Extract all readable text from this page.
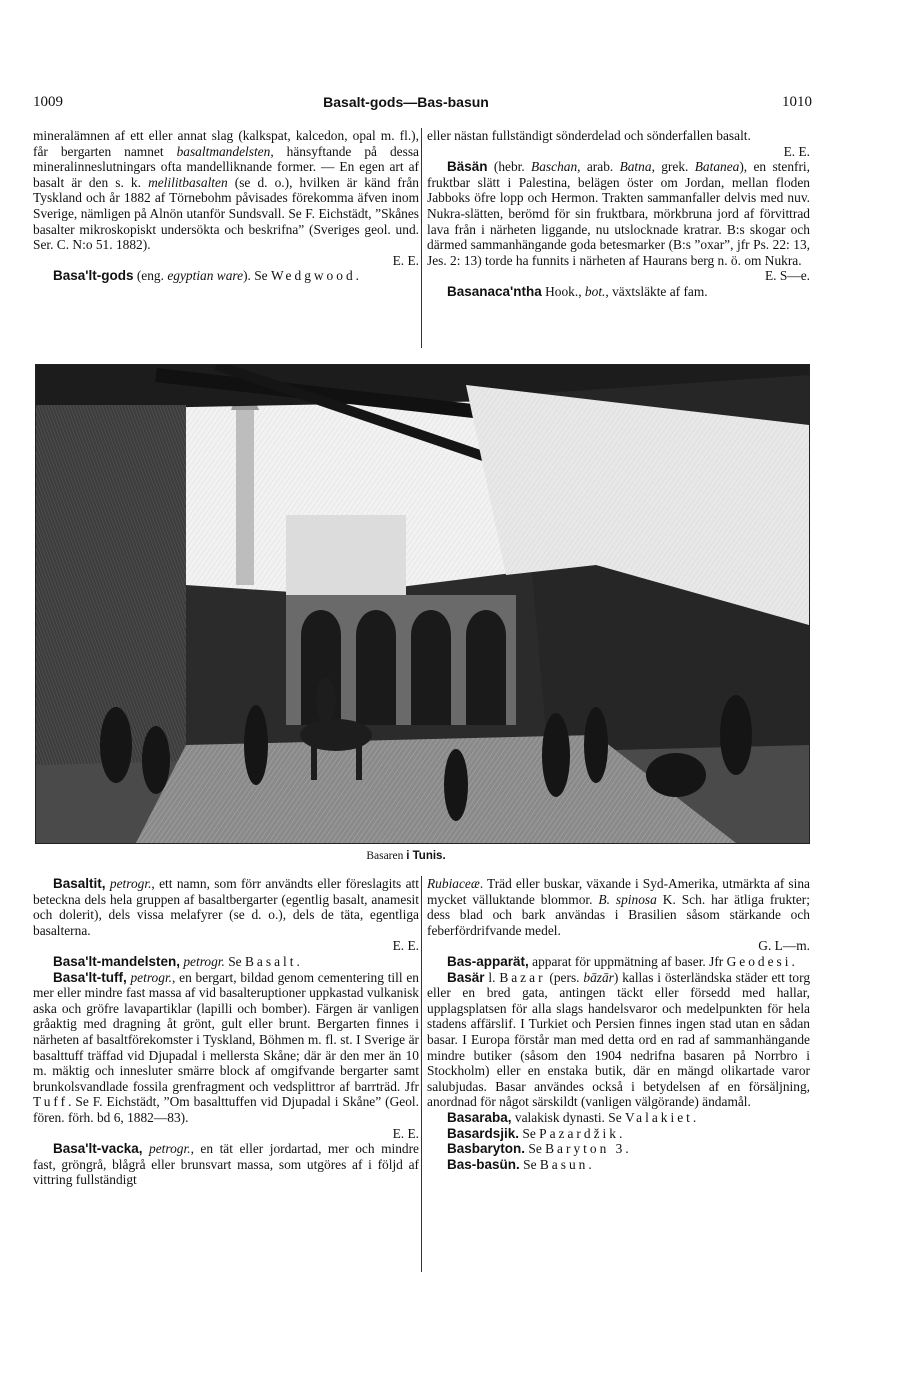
1009	Basalt-gods—Bas-basun	1010

mineralämnen af ett eller annat slag (kalkspat, kalcedon, opal m. fl.), får bergarten namnet basaltmandelsten, hänsyftande på dessa mineralinneslutningars ofta mandelliknande former. — En egen art af basalt är den s. k. melilitbasalten (se d. o.), hvilken är känd från Tyskland och år 1882 af Törnebohm påvisades förekomma äfven inom Sverige, nämligen på Alnön utanför Sundsvall. Se F. Eichstädt, ”Skånes basalter mikroskopiskt undersökta och beskrifna” (Sveriges geol. und. Ser. C. N:o 51. 1882).
E. E.

Basa'lt-gods (eng. egyptian ware). Se Wedgwood.

eller nästan fullständigt sönderdelad och sönderfallen basalt.
E. E.

Bäsän (hebr. Baschan, arab. Batna, grek. Batanea), en stenfri, fruktbar slätt i Palestina, belägen öster om Jordan, mellan floden Jabboks öfre lopp och Hermon. Trakten sammanfaller delvis med nuv. Nukra-slätten, berömd för sin fruktbara, mörkbruna jord af förvittrad lava från i närheten liggande, nu utslocknade kratrar. B:s skogar och därmed sammanhängande goda betesmarker (B:s ”oxar”, jfr Ps. 22: 13, Jes. 2: 13) torde ha funnits i närheten af Haurans berg n. ö. om Nukra.
E. S—e.

Basanaca'ntha Hook., bot., växtsläkte af fam.

Basaren i Tunis.

Basaltit, petrogr., ett namn, som förr användts eller föreslagits att beteckna dels hela gruppen af basaltbergarter (egentlig basalt, anamesit och dolerit), dels vissa melafyrer (se d. o.), dels de täta, egentliga basalterna.
E. E.

Basa'lt-mandelsten, petrogr. Se Basalt.

Basa'lt-tuff, petrogr., en bergart, bildad genom cementering till en mer eller mindre fast massa af vid basalteruptioner uppkastad vulkanisk aska och gröfre lavapartiklar (lapilli och bomber). Färgen är vanligen gråaktig med dragning åt grönt, gult eller brunt. Bergarten finnes i närheten af basaltförekomster i Tyskland, Böhmen m. fl. st. I Sverige är basalttuff träffad vid Djupadal i mellersta Skåne; där är den mer än 10 m. mäktig och innesluter smärre block af omgifvande bergarter samt brunkolsvandlade fossila grenfragment och vedsplittror af barrträd. Jfr Tuff. Se F. Eichstädt, ”Om basalttuffen vid Djupadal i Skåne” (Geol. fören. förh. bd 6, 1882—83).
E. E.

Basa'lt-vacka, petrogr., en tät eller jordartad, mer och mindre fast, gröngrå, blågrå eller brunsvart massa, som utgöres af i följd af vittring fullständigt

Rubiaceæ. Träd eller buskar, växande i Syd-Amerika, utmärkta af sina mycket välluktande blommor. B. spinosa K. Sch. har ätliga frukter; dess blad och bark användas i Brasilien såsom stärkande och feberfördrifvande medel.
G. L—m.

Bas-apparät, apparat för uppmätning af baser. Jfr Geodesi.

Basär l. Bazar (pers. bāzār) kallas i österländska städer ett torg eller en bred gata, antingen täckt eller försedd med hallar, upplagsplatsen för alla slags handelsvaror och medelpunkten för hela stadens affärslif. I Turkiet och Persien finnes ingen stad utan en sådan basar. I Europa förstår man med detta ord en rad af sammanhängande mindre butiker (såsom den 1904 nedrifna basaren på Norrbro i Stockholm) eller en enstaka butik, där en mängd olikartade varor salubjudas. Basar användes också i betydelsen af en försäljning, anordnad för något särskildt (vanligen välgörande) ändamål.

Basaraba, valakisk dynasti. Se Valakiet.

Basardsjik. Se Pazardžik.

Basbaryton. Se Baryton 3.

Bas-basün. Se Basun.
